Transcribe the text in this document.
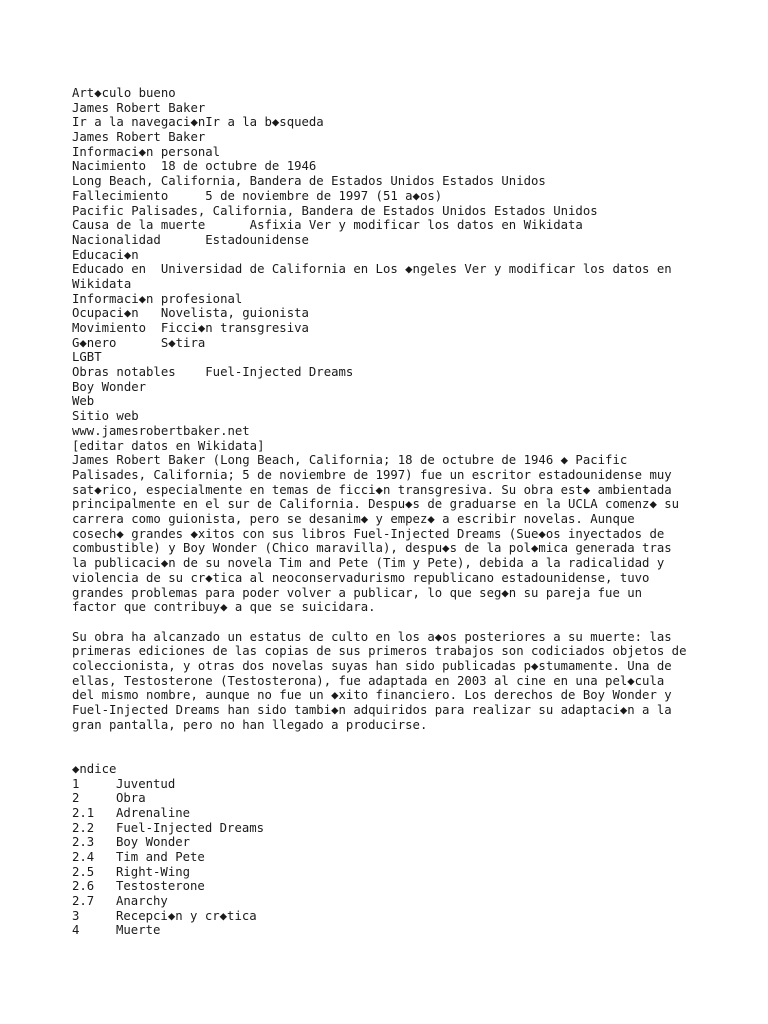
Art◆culo bueno
James Robert Baker
Ir a la navegaci◆nIr a la b◆squeda
James Robert Baker
Informaci◆n personal
Nacimiento  18 de octubre de 1946
Long Beach, California, Bandera de Estados Unidos Estados Unidos
Fallecimiento     5 de noviembre de 1997 (51 a◆os)
Pacific Palisades, California, Bandera de Estados Unidos Estados Unidos
Causa de la muerte      Asfixia Ver y modificar los datos en Wikidata
Nacionalidad      Estadounidense
Educaci◆n
Educado en  Universidad de California en Los ◆ngeles Ver y modificar los datos en
Wikidata
Informaci◆n profesional
Ocupaci◆n   Novelista, guionista
Movimiento  Ficci◆n transgresiva
G◆nero      S◆tira
LGBT
Obras notables    Fuel-Injected Dreams
Boy Wonder
Web
Sitio web
www.jamesrobertbaker.net
[editar datos en Wikidata]
James Robert Baker (Long Beach, California; 18 de octubre de 1946 ◆ Pacific
Palisades, California; 5 de noviembre de 1997) fue un escritor estadounidense muy
sat◆rico, especialmente en temas de ficci◆n transgresiva. Su obra est◆ ambientada
principalmente en el sur de California. Despu◆s de graduarse en la UCLA comenz◆ su
carrera como guionista, pero se desanim◆ y empez◆ a escribir novelas. Aunque
cosech◆ grandes ◆xitos con sus libros Fuel-Injected Dreams (Sue◆os inyectados de
combustible) y Boy Wonder (Chico maravilla), despu◆s de la pol◆mica generada tras
la publicaci◆n de su novela Tim and Pete (Tim y Pete), debida a la radicalidad y
violencia de su cr◆tica al neoconservadurismo republicano estadounidense, tuvo
grandes problemas para poder volver a publicar, lo que seg◆n su pareja fue un
factor que contribuy◆ a que se suicidara.
Su obra ha alcanzado un estatus de culto en los a◆os posteriores a su muerte: las
primeras ediciones de las copias de sus primeros trabajos son codiciados objetos de
coleccionista, y otras dos novelas suyas han sido publicadas p◆stumamente. Una de
ellas, Testosterone (Testosterona), fue adaptada en 2003 al cine en una pel◆cula
del mismo nombre, aunque no fue un ◆xito financiero. Los derechos de Boy Wonder y
Fuel-Injected Dreams han sido tambi◆n adquiridos para realizar su adaptaci◆n a la
gran pantalla, pero no han llegado a producirse.
◆ndice
1	Juventud
2	Obra
2.1 Adrenaline
2.2 Fuel-Injected Dreams
2.3 Boy Wonder
2.4 Tim and Pete
2.5 Right-Wing
2.6 Testosterone
2.7 Anarchy
3	Recepci◆n y cr◆tica
4	Muerte
